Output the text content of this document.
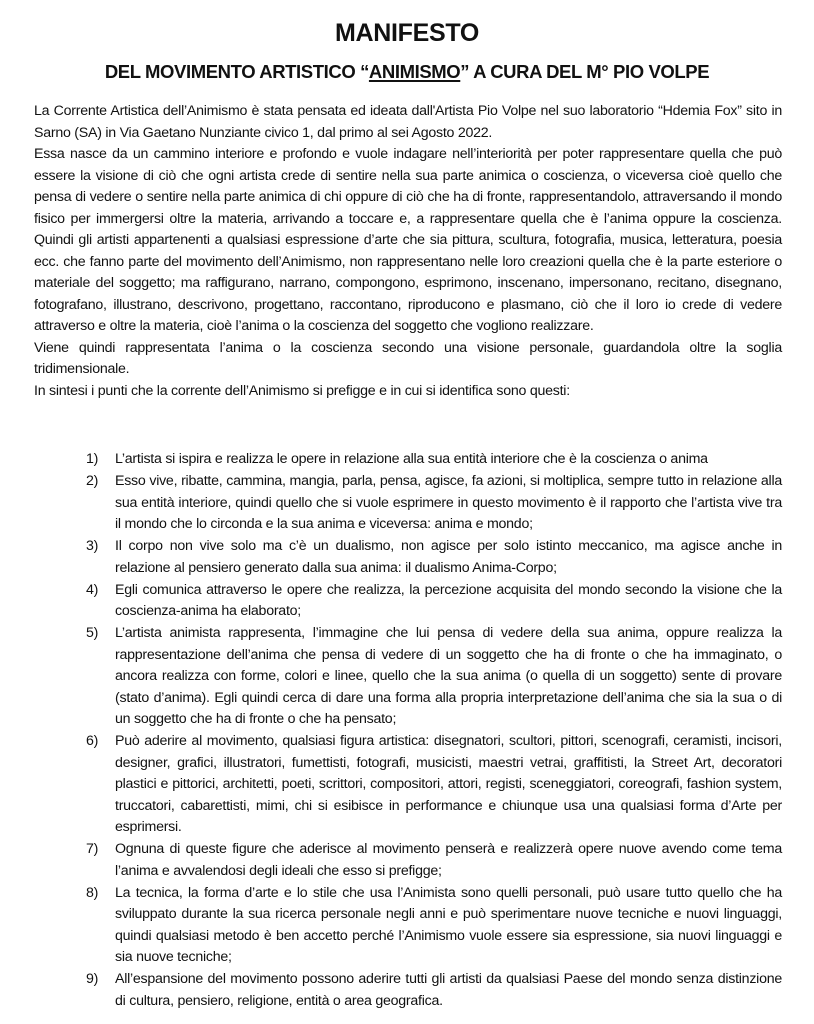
MANIFESTO
DEL MOVIMENTO ARTISTICO “ANIMISMO” A CURA DEL M° PIO VOLPE

La Corrente Artistica dell’Animismo è stata pensata ed ideata dall'Artista Pio Volpe nel suo laboratorio “Hdemia Fox” sito in Sarno (SA) in Via Gaetano Nunziante civico 1, dal primo al sei Agosto 2022.

Essa nasce da un cammino interiore e profondo e vuole indagare nell’interiorità per poter rappresentare quella che può essere la visione di ciò che ogni artista crede di sentire nella sua parte animica o coscienza, o viceversa cioè quello che pensa di vedere o sentire nella parte animica di chi oppure di ciò che ha di fronte, rappresentandolo, attraversando il mondo fisico per immergersi oltre la materia, arrivando a toccare e, a rappresentare quella che è l’anima oppure la coscienza. Quindi gli artisti appartenenti a qualsiasi espressione d’arte che sia pittura, scultura, fotografia, musica, letteratura, poesia ecc. che fanno parte del movimento dell’Animismo, non rappresentano nelle loro creazioni quella che è la parte esteriore o materiale del soggetto; ma raffigurano, narrano, compongono, esprimono, inscenano, impersonano, recitano, disegnano, fotografano, illustrano, descrivono, progettano, raccontano, riproducono e plasmano, ciò che il loro io crede di vedere attraverso e oltre la materia, cioè l’anima o la coscienza del soggetto che vogliono realizzare.

Viene quindi rappresentata l’anima o la coscienza secondo una visione personale, guardandola oltre la soglia tridimensionale.

In sintesi i punti che la corrente dell’Animismo si prefigge e in cui si identifica sono questi:

1) L’artista si ispira e realizza le opere in relazione alla sua entità interiore che è la coscienza o anima
2) Esso vive, ribatte, cammina, mangia, parla, pensa, agisce, fa azioni, si moltiplica, sempre tutto in relazione alla sua entità interiore, quindi quello che si vuole esprimere in questo movimento è il rapporto che l’artista vive tra il mondo che lo circonda e la sua anima e viceversa: anima e mondo;
3) Il corpo non vive solo ma c’è un dualismo, non agisce per solo istinto meccanico, ma agisce anche in relazione al pensiero generato dalla sua anima: il dualismo Anima-Corpo;
4) Egli comunica attraverso le opere che realizza, la percezione acquisita del mondo secondo la visione che la coscienza-anima ha elaborato;
5) L’artista animista rappresenta, l’immagine che lui pensa di vedere della sua anima, oppure realizza la rappresentazione dell’anima che pensa di vedere di un soggetto che ha di fronte o che ha immaginato, o ancora realizza con forme, colori e linee, quello che la sua anima (o quella di un soggetto) sente di provare (stato d’anima). Egli quindi cerca di dare una forma alla propria interpretazione dell’anima che sia la sua o di un soggetto che ha di fronte o che ha pensato;
6) Può aderire al movimento, qualsiasi figura artistica: disegnatori, scultori, pittori, scenografi, ceramisti, incisori, designer, grafici, illustratori, fumettisti, fotografi, musicisti, maestri vetrai, graffitisti, la Street Art, decoratori plastici e pittorici, architetti, poeti, scrittori, compositori, attori, registi, sceneggiatori, coreografi, fashion system, truccatori, cabarettisti, mimi, chi si esibisce in performance e chiunque usa una qualsiasi forma d’Arte per esprimersi.
7) Ognuna di queste figure che aderisce al movimento penserà e realizzerà opere nuove avendo come tema l’anima e avvalendosi degli ideali che esso si prefigge;
8) La tecnica, la forma d’arte e lo stile che usa l’Animista sono quelli personali, può usare tutto quello che ha sviluppato durante la sua ricerca personale negli anni e può sperimentare nuove tecniche e nuovi linguaggi, quindi qualsiasi metodo è ben accetto perché l’Animismo vuole essere sia espressione, sia nuovi linguaggi e sia nuove tecniche;
9) All’espansione del movimento possono aderire tutti gli artisti da qualsiasi Paese del mondo senza distinzione di cultura, pensiero, religione, entità o area geografica.
